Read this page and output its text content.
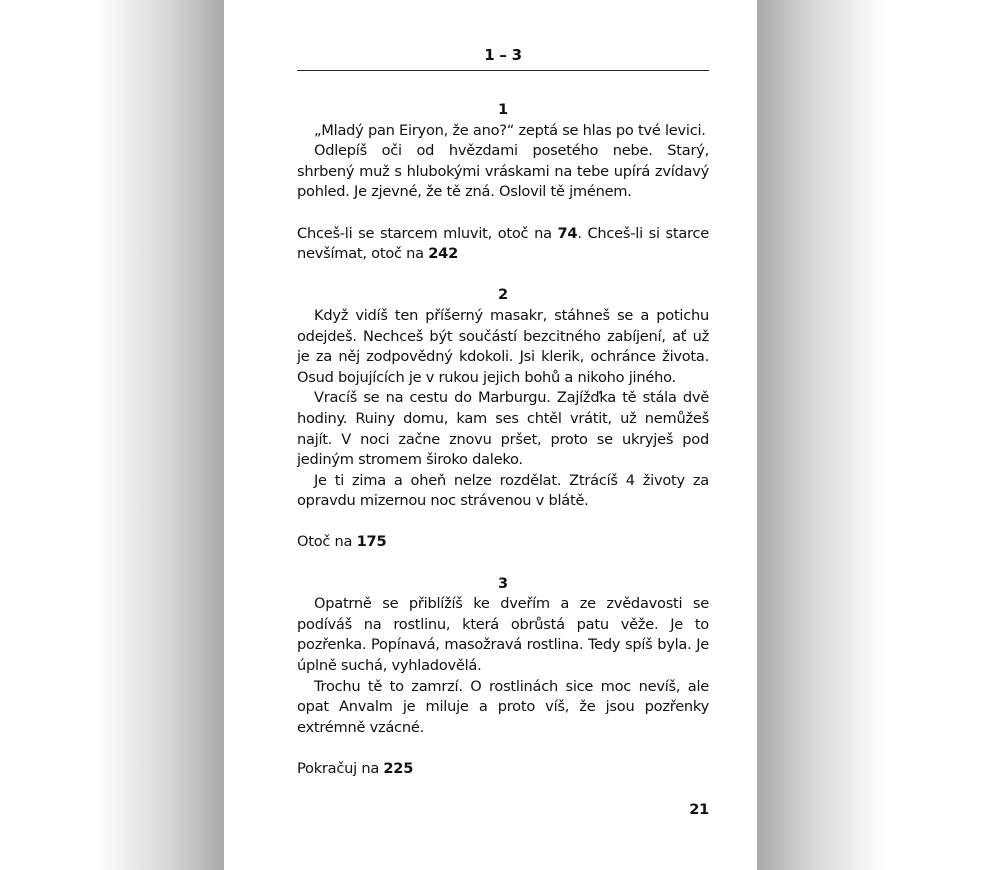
1 – 3

1

„Mladý pan Eiryon, že ano?“ zeptá se hlas po tvé levici.

Odlepíš oči od hvězdami posetého nebe. Starý, shrbený muž s hlubokými vráskami na tebe upírá zvídavý pohled. Je zjevné, že tě zná. Oslovil tě jménem.

Chceš-li se starcem mluvit, otoč na 74. Chceš-li si starce nevšímat, otoč na 242

2

Když vidíš ten příšerný masakr, stáhneš se a potichu odejdeš. Nechceš být součástí bezcitného zabíjení, ať už je za něj zodpovědný kdokoli. Jsi klerik, ochránce života. Osud bojujících je v rukou jejich bohů a nikoho jiného.

Vracíš se na cestu do Marburgu. Zajížďka tě stála dvě hodiny. Ruiny domu, kam ses chtěl vrátit, už nemůžeš najít. V noci začne znovu pršet, proto se ukryješ pod jediným stromem široko daleko.

Je ti zima a oheň nelze rozdělat. Ztrácíš 4 životy za opravdu mizernou noc strávenou v blátě.

Otoč na 175

3

Opatrně se přiblížíš ke dveřím a ze zvědavosti se podíváš na rostlinu, která obrůstá patu věže. Je to pozřenka. Popínavá, masožravá rostlina. Tedy spíš byla. Je úplně suchá, vyhladovělá.

Trochu tě to zamrzí. O rostlinách sice moc nevíš, ale opat Anvalm je miluje a proto víš, že jsou pozřenky extrémně vzácné.

Pokračuj na 225

21
